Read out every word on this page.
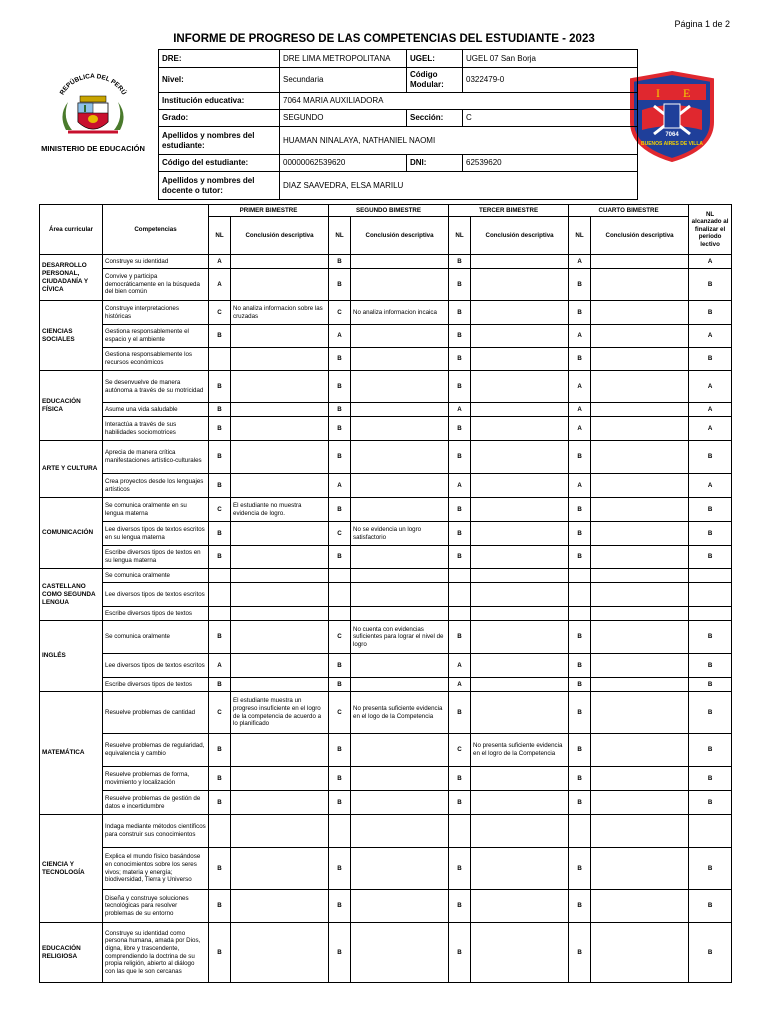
Página 1 de 2
INFORME DE PROGRESO DE LAS COMPETENCIAS DEL ESTUDIANTE - 2023
REPÚBLICA DEL PERÚ
MINISTERIO DE EDUCACIÓN
I E
7064
BUENOS AIRES DE VILLA
DRE:	DRE LIMA METROPOLITANA	UGEL:	UGEL 07 San Borja
Nivel:	Secundaria	Código Modular:	0322479-0
Institución educativa:	7064 MARIA AUXILIADORA		
Grado:	SEGUNDO	Sección:	C
Apellidos y nombres del estudiante:	HUAMAN NINALAYA, NATHANIEL NAOMI		
Código del estudiante:	00000062539620	DNI:	62539620
Apellidos y nombres del docente o tutor:	DIAZ SAAVEDRA, ELSA MARILU		
Área curricular	Competencias	PRIMER BIMESTRE		SEGUNDO BIMESTRE		TERCER BIMESTRE		CUARTO BIMESTRE		NL alcanzado al finalizar el período lectivo
		NL	Conclusión descriptiva	NL	Conclusión descriptiva	NL	Conclusión descriptiva	NL	Conclusión descriptiva	
DESARROLLO PERSONAL, CIUDADANÍA Y CÍVICA	Construye su identidad	A		B		B		A		A
	Convive y participa democráticamente en la búsqueda del bien común	A		B		B		B		B
CIENCIAS SOCIALES	Construye interpretaciones históricas	C	No analiza informacion sobre las cruzadas	C	No analiza informacion incaica	B		B		B
	Gestiona responsablemente el espacio y el ambiente	B		A		B		A		A
	Gestiona responsablemente los recursos económicos			B		B		B		B
EDUCACIÓN FÍSICA	Se desenvuelve de manera autónoma a través de su motricidad	B		B		B		A		A
	Asume una vida saludable	B		B		A		A		A
	Interactúa a través de sus habilidades sociomotrices	B		B		B		A		A
ARTE Y CULTURA	Aprecia de manera crítica manifestaciones artístico-culturales	B		B		B		B		B
	Crea proyectos desde los lenguajes artísticos	B		A		A		A		A
COMUNICACIÓN	Se comunica oralmente en su lengua materna	C	El estudiante no muestra evidencia de logro.	B		B		B		B
	Lee diversos tipos de textos escritos en su lengua materna	B		C	No se evidencia un logro satisfactorio	B		B		B
	Escribe diversos tipos de textos en su lengua materna	B		B		B		B		B
CASTELLANO COMO SEGUNDA LENGUA	Se comunica oralmente									
	Lee diversos tipos de textos escritos									
	Escribe diversos tipos de textos									
INGLÉS	Se comunica oralmente	B		C	No cuenta con evidencias suficientes para lograr el nivel de logro	B		B		B
	Lee diversos tipos de textos escritos	A		B		A		B		B
	Escribe diversos tipos de textos	B		B		A		B		B
MATEMÁTICA	Resuelve problemas de cantidad	C	El estudiante muestra un progreso insuficiente en el logro de la competencia de acuerdo a lo planificado	C	No presenta suficiente evidencia en el logo de la Competencia	B		B		B
	Resuelve problemas de regularidad, equivalencia y cambio	B		B		C	No presenta suficiente evidencia en el logro de la Competencia	B		B
	Resuelve problemas de forma, movimiento y localización	B		B		B		B		B
	Resuelve problemas de gestión de datos e incertidumbre	B		B		B		B		B
CIENCIA Y TECNOLOGÍA	Indaga mediante métodos científicos para construir sus conocimientos									
	Explica el mundo físico basándose en conocimientos sobre los seres vivos; materia y energía; biodiversidad, Tierra y Universo	B		B		B		B		B
	Diseña y construye soluciones tecnológicas para resolver problemas de su entorno	B		B		B		B		B
EDUCACIÓN RELIGIOSA	Construye su identidad como persona humana, amada por Dios, digna, libre y trascendente, comprendiendo la doctrina de su propia religión, abierto al diálogo con las que le son cercanas	B		B		B		B		B
